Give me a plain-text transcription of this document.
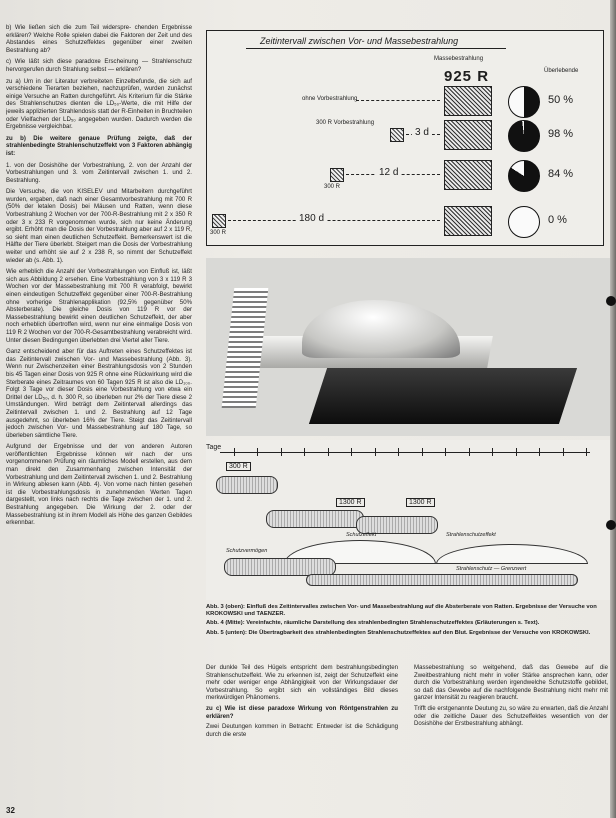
b) Wie ließen sich die zum Teil widerspre- chenden Ergebnisse erklären? Welche Rolle spielen dabei die Faktoren der Zeit und des Abstandes eines Schutzeffektes gegenüber einer zweiten Bestrahlung ab?

c) Wie läßt sich diese paradoxe Erscheinung — Strahlenschutz hervorgerufen durch Strahlung selbst — erklären?

zu a) Um in der Literatur verbreiteten Einzelbefunde, die sich auf verschiedene Tierarten beziehen, nachzuprüfen, wurden zunächst einige Versuche an Ratten durchgeführt. Als Kriterium für die Stärke des Strahlenschutzes dienten die LD₅₀-Werte, die mit Hilfe der jeweils applizierten Strahlendosis statt der R-Einheiten in Bruchteilen oder Vielfachen der LD₅₀ angegeben wurden. Dadurch werden die Ergebnisse vergleichbar.

zu b) Die weitere genaue Prüfung zeigte, daß der strahlenbedingte Strahlenschutzeffekt von 3 Faktoren abhängig ist:

1. von der Dosishöhe der Vorbestrahlung, 2. von der Anzahl der Vorbestrahlungen und 3. vom Zeitintervall zwischen 1. und 2. Bestrahlung.

Die Versuche, die von KISELEV und Mitarbeitern durchgeführt wurden, ergaben, daß nach einer Gesamtvorbestrahlung mit 700 R (50% der letalen Dosis) bei Mäusen und Ratten, wenn diese Vorbestrahlung 2 Wochen vor der 700-R-Bestrahlung mit 2 x 350 R oder 3 x 233 R vorgenommen wurde, sich nur keine Änderung ergibt. Erhöht man die Dosis der Vorbestrahlung aber auf 2 x 119 R, so sieht man einen deutlichen Schutzeffekt. Bemerkenswert ist die Hälfte der Tiere überlebt. Steigert man die Dosis der Vorbestrahlung weiter und erhöht sie auf 2 x 238 R, so nimmt der Schutzeffekt wieder ab (s. Abb. 1).

Wie erheblich die Anzahl der Vorbestrahlungen von Einfluß ist, läßt sich aus Abbildung 2 ersehen. Eine Vorbestrahlung von 3 x 119 R 3 Wochen vor der Massebestrahlung mit 700 R verabfolgt, bewirkt einen eindeutigen Schutzeffekt gegenüber einer 700-R-Bestrahlung ohne vorherige Strahlenapplikation (92,5% gegenüber 50% Absterberate). Die gleiche Dosis von 119 R vor der Massebestrahlung bewirkt einen deutlichen Schutzeffekt, der aber noch erheblich übertroffen wird, wenn nur eine einmalige Dosis von 119 R 2 Wochen vor der 700-R-Gesamtbestrahlung verabreicht wird. Unter diesen Bedingungen überlebten drei Viertel aller Tiere.

Ganz entscheidend aber für das Auftreten eines Schutzeffektes ist das Zeitintervall zwischen Vor- und Massebestrahlung (Abb. 3). Wenn nur Zwischenzeiten einer Bestrahlungsdosis von 2 Stunden bis 45 Tagen einer Dosis von 925 R ohne eine Rückwirkung wird die Sterberate eines Zeitraumes von 60 Tagen 925 R ist also die LD₁₀₀. Folgt 3 Tage vor dieser Dosis eine Vorbestrahlung von etwa ein Drittel der LD₅₀, d. h. 300 R, so überleben nur 2% der Tiere diese 2 Umständungen. Wird beträgt dem Zeitintervall allerdings das Zeitintervall zwischen 1. und 2. Bestrahlung auf 12 Tage ausgedehnt, so überleben 16% der Tiere. Steigt das Zeitintervall jedoch zwischen Vor- und Massebestrahlung auf 180 Tage, so überleben sämtliche Tiere.

Aufgrund der Ergebnisse und der von anderen Autoren veröffentlichten Ergebnisse können wir nach der uns vorgenommenen Prüfung ein räumliches Modell erstellen, aus dem man direkt den Zusammenhang zwischen Intensität der Vorbestrahlung und dem Zeitintervall zwischen 1. und 2. Bestrahlung in Wirkung ablesen kann (Abb. 4). Von vorne nach hinten gesehen ist die Vorbestrahlungsdosis in zunehmenden Werten Tagen dargestellt, von links nach rechts die Tage zwischen der 1. und 2. Bestrahlung angegeben. Die Wirkung der 2. oder der Massebestrahlung ist in ihrem Modell als Höhe des ganzen Gebildes erkennbar.

32
Zeitintervall zwischen Vor- und Massebestrahlung
Massebestrahlung
925 R	Überlebende
ohne Vorbestrahlung	50 %
300 R Vorbestrahlung
3 d	98 %
300 R
12 d	84 %
300 R
180 d	0 %
Tage
300 R
1300 R	1300 R
Schutzeffekt	Strahlenschutzeffekt
Strahlenschutz — Grenzwert
Schutzvermögen

Abb. 3 (oben): Einfluß des Zeitintervalles zwischen Vor- und Massebestrahlung auf die Absterberate von Ratten. Ergebnisse der Versuche von KROKOWSKI und TAENZER.

Abb. 4 (Mitte): Vereinfachte, räumliche Darstellung des strahlenbedingten Strahlenschutzeffektes (Erläuterungen s. Text).

Abb. 5 (unten): Die Übertragbarkeit des strahlenbedingten Strahlenschutzeffektes auf den Blut. Ergebnisse der Versuche von KROKOWSKI.

Der dunkle Teil des Hügels entspricht dem bestrahlungsbedingten Strahlenschutzeffekt. Wie zu erkennen ist, zeigt der Schutzeffekt eine mehr oder weniger enge Abhängigkeit von der Wirkungsdauer der Vorbestrahlung. So ergibt sich ein vollständiges Bild dieses merkwürdigen Phänomens.

zu c) Wie ist diese paradoxe Wirkung von Röntgenstrahlen zu erklären?

Zwei Deutungen kommen in Betracht: Entweder ist die Schädigung durch die erste

Massebestrahlung so weitgehend, daß das Gewebe auf die Zweitbestrahlung nicht mehr in voller Stärke ansprechen kann, oder durch die Vorbestrahlung werden irgendwelche Schutzstoffe gebildet, so daß das Gewebe auf die nachfolgende Bestrahlung nicht mehr mit ganzer Intensität zu reagieren braucht.

Trifft die erstgenannte Deutung zu, so wäre zu erwarten, daß die Anzahl oder die zeitliche Dauer des Schutzeffektes wesentlich von der Dosishöhe der Erstbestrahlung abhängt.
